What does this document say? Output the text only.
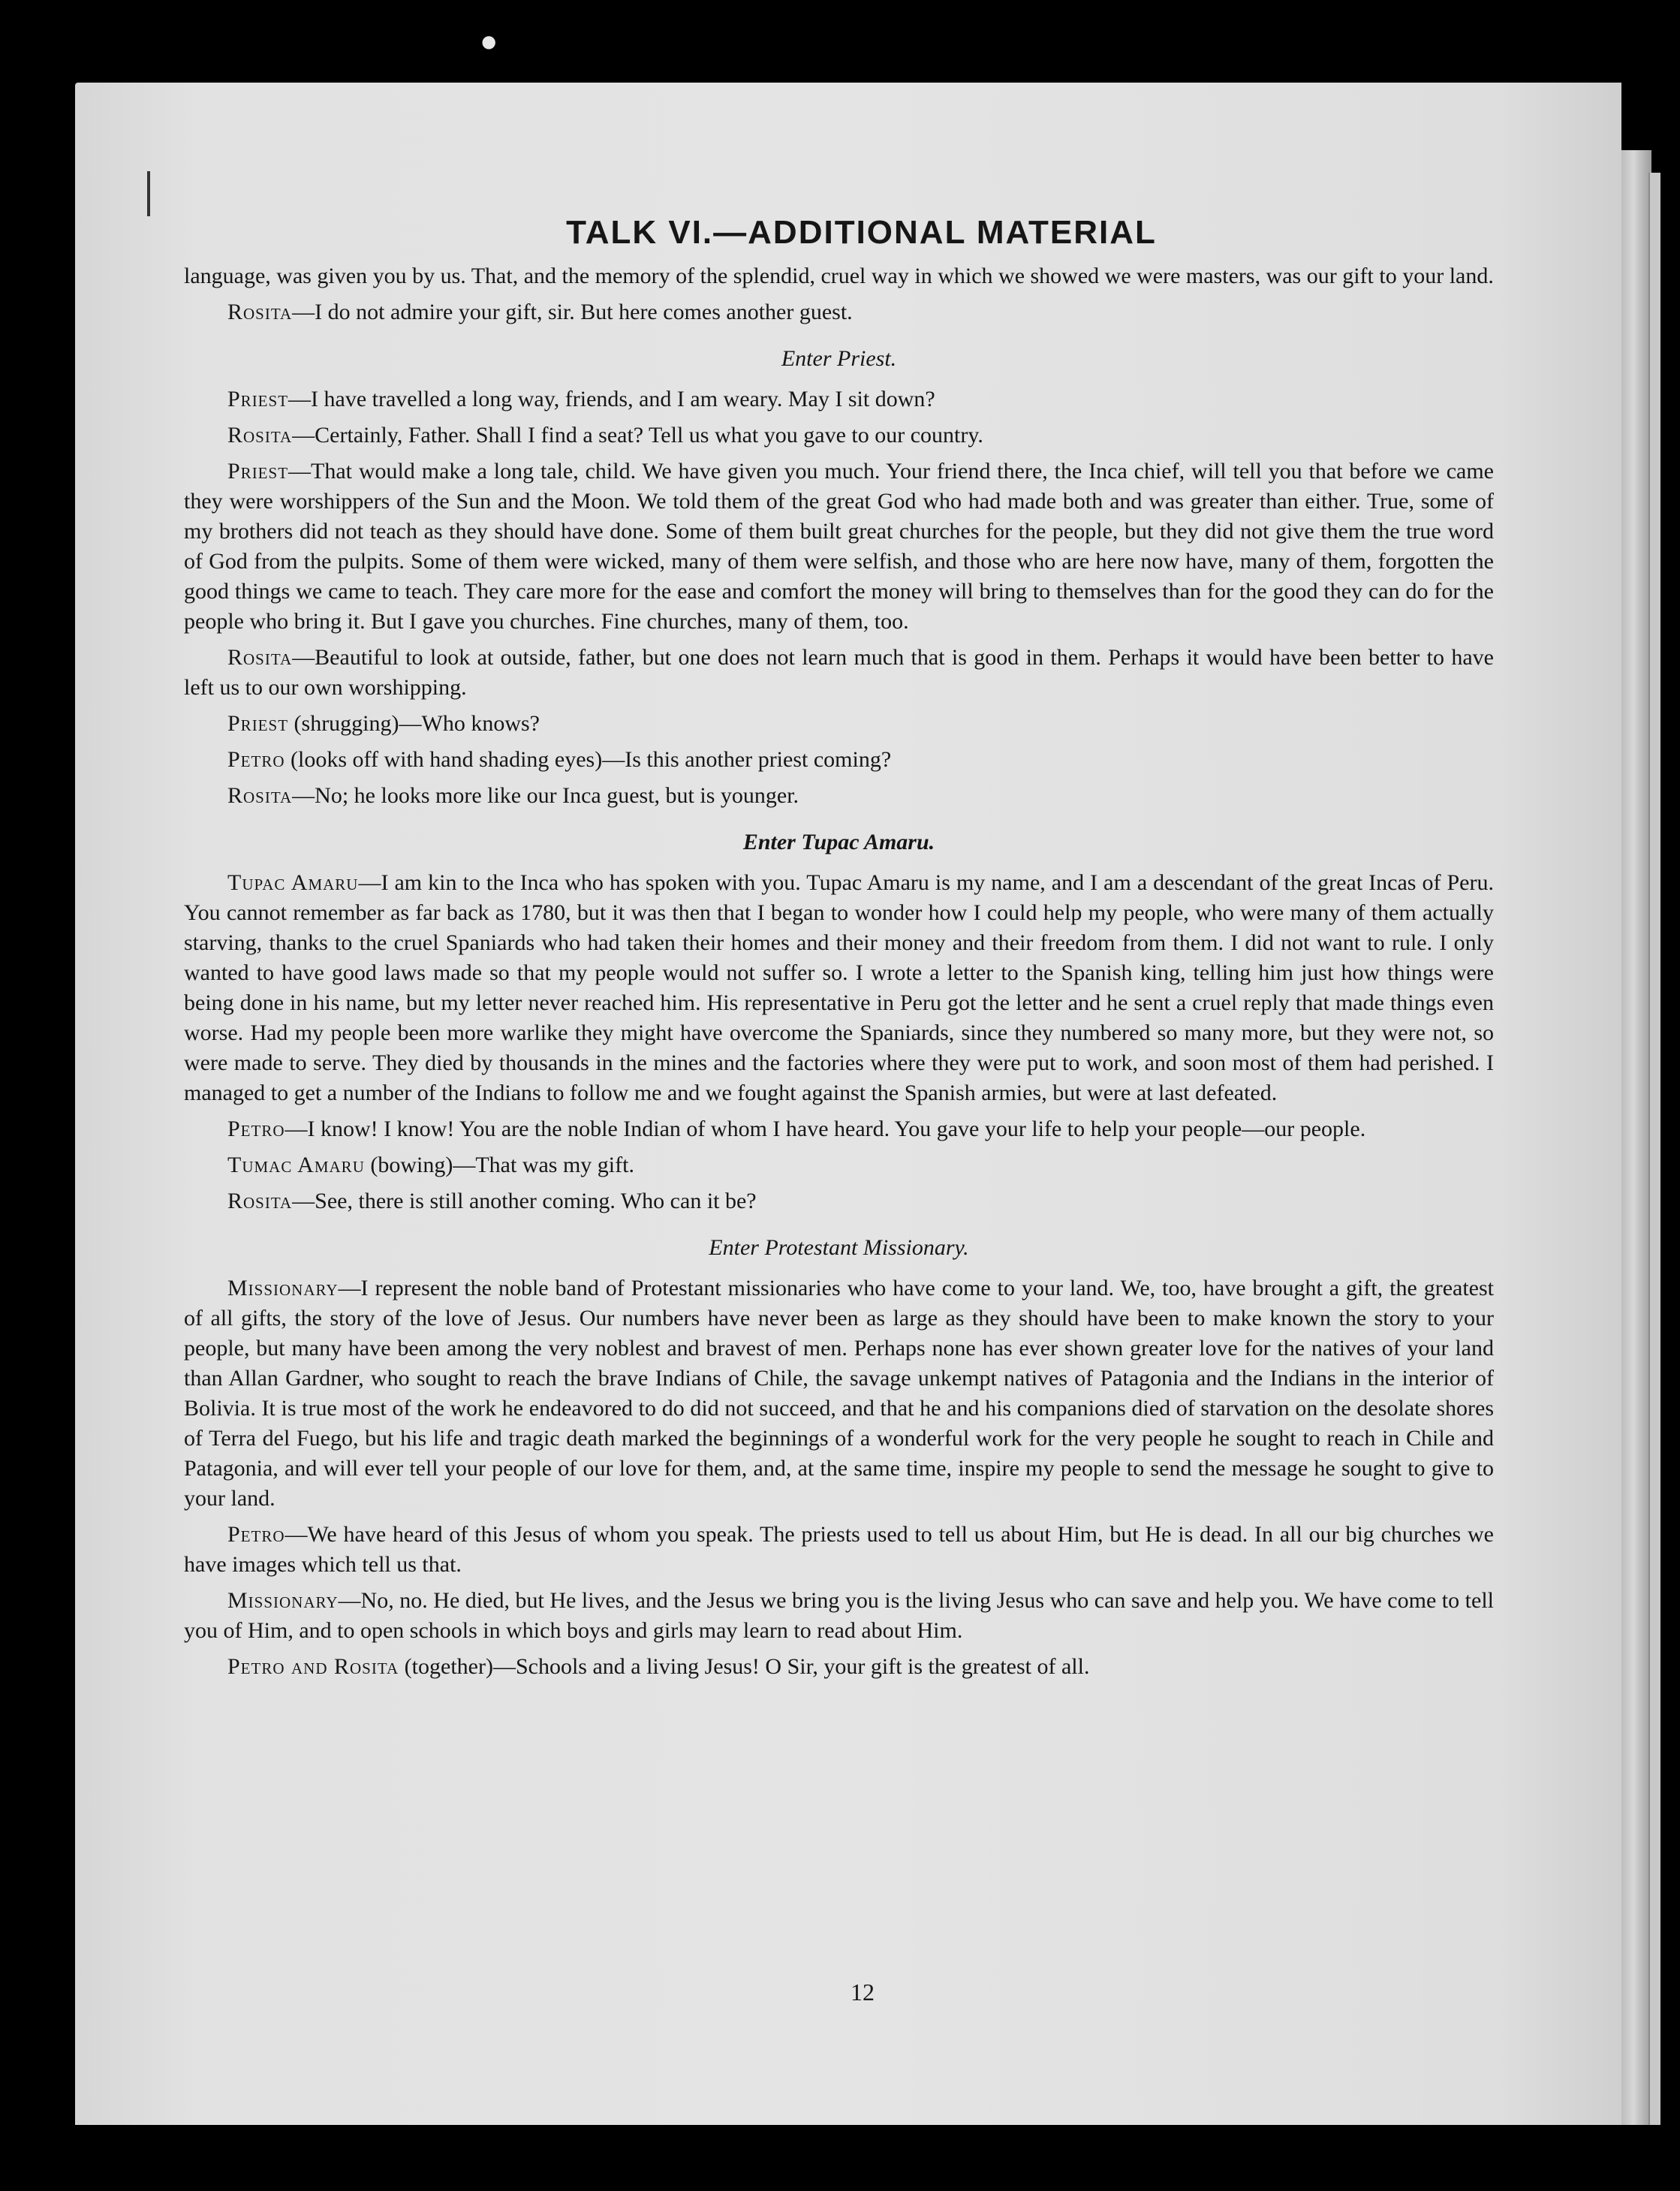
•
TALK VI.—ADDITIONAL MATERIAL

language, was given you by us. That, and the memory of the splendid, cruel way in which we showed we were masters, was our gift to your land.

Rosita—I do not admire your gift, sir. But here comes another guest.

Enter Priest.

Priest—I have travelled a long way, friends, and I am weary. May I sit down?

Rosita—Certainly, Father. Shall I find a seat? Tell us what you gave to our country.

Priest—That would make a long tale, child. We have given you much. Your friend there, the Inca chief, will tell you that before we came they were worshippers of the Sun and the Moon. We told them of the great God who had made both and was greater than either. True, some of my brothers did not teach as they should have done. Some of them built great churches for the people, but they did not give them the true word of God from the pulpits. Some of them were wicked, many of them were selfish, and those who are here now have, many of them, forgotten the good things we came to teach. They care more for the ease and comfort the money will bring to themselves than for the good they can do for the people who bring it. But I gave you churches. Fine churches, many of them, too.

Rosita—Beautiful to look at outside, father, but one does not learn much that is good in them. Perhaps it would have been better to have left us to our own worshipping.

Priest (shrugging)—Who knows?

Petro (looks off with hand shading eyes)—Is this another priest coming?

Rosita—No; he looks more like our Inca guest, but is younger.

Enter Tupac Amaru.

Tupac Amaru—I am kin to the Inca who has spoken with you. Tupac Amaru is my name, and I am a descendant of the great Incas of Peru. You cannot remember as far back as 1780, but it was then that I began to wonder how I could help my people, who were many of them actually starving, thanks to the cruel Spaniards who had taken their homes and their money and their freedom from them. I did not want to rule. I only wanted to have good laws made so that my people would not suffer so. I wrote a letter to the Spanish king, telling him just how things were being done in his name, but my letter never reached him. His representative in Peru got the letter and he sent a cruel reply that made things even worse. Had my people been more warlike they might have overcome the Spaniards, since they numbered so many more, but they were not, so were made to serve. They died by thousands in the mines and the factories where they were put to work, and soon most of them had perished. I managed to get a number of the Indians to follow me and we fought against the Spanish armies, but were at last defeated.

Petro—I know! I know! You are the noble Indian of whom I have heard. You gave your life to help your people—our people.

Tumac Amaru (bowing)—That was my gift.

Rosita—See, there is still another coming. Who can it be?

Enter Protestant Missionary.

Missionary—I represent the noble band of Protestant missionaries who have come to your land. We, too, have brought a gift, the greatest of all gifts, the story of the love of Jesus. Our numbers have never been as large as they should have been to make known the story to your people, but many have been among the very noblest and bravest of men. Perhaps none has ever shown greater love for the natives of your land than Allan Gardner, who sought to reach the brave Indians of Chile, the savage unkempt natives of Patagonia and the Indians in the interior of Bolivia. It is true most of the work he endeavored to do did not succeed, and that he and his companions died of starvation on the desolate shores of Terra del Fuego, but his life and tragic death marked the beginnings of a wonderful work for the very people he sought to reach in Chile and Patagonia, and will ever tell your people of our love for them, and, at the same time, inspire my people to send the message he sought to give to your land.

Petro—We have heard of this Jesus of whom you speak. The priests used to tell us about Him, but He is dead. In all our big churches we have images which tell us that.

Missionary—No, no. He died, but He lives, and the Jesus we bring you is the living Jesus who can save and help you. We have come to tell you of Him, and to open schools in which boys and girls may learn to read about Him.

Petro and Rosita (together)—Schools and a living Jesus! O Sir, your gift is the greatest of all.

12
